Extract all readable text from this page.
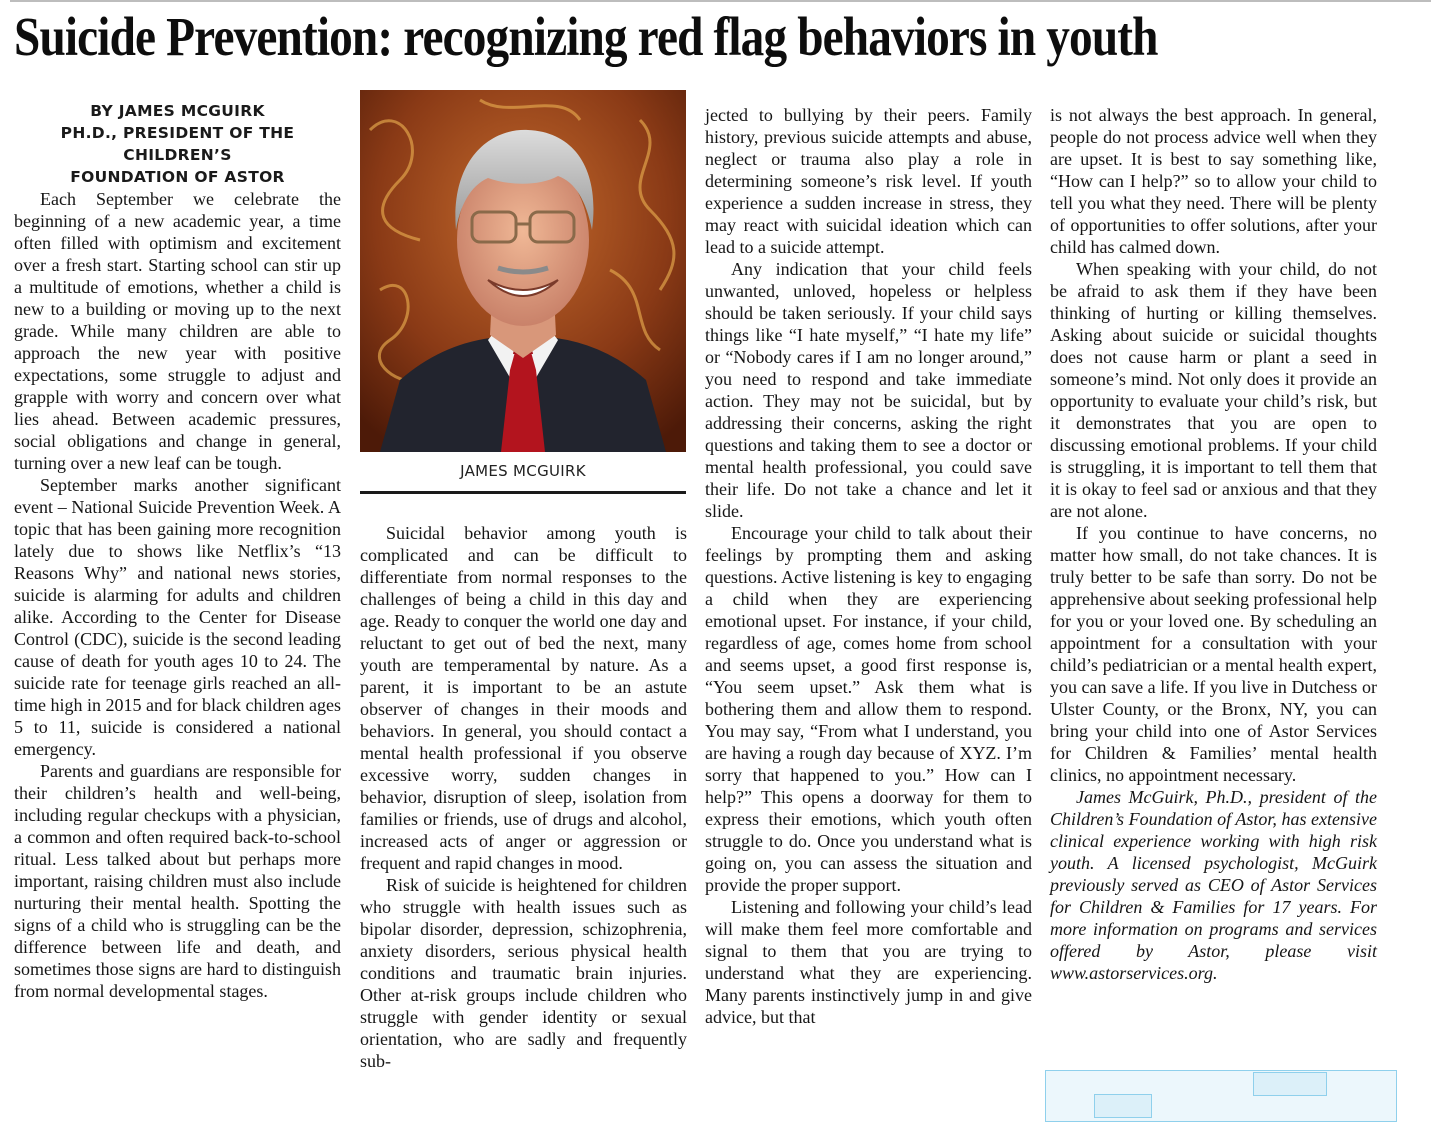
Suicide Prevention: recognizing red flag behaviors in youth

BY JAMES MCGUIRK

PH.D., PRESIDENT OF THE CHILDREN’S

FOUNDATION OF ASTOR

Each September we celebrate the beginning of a new academic year, a time often filled with optimism and excitement over a fresh start. Starting school can stir up a multitude of emotions, whether a child is new to a building or moving up to the next grade. While many children are able to approach the new year with positive expectations, some struggle to adjust and grapple with worry and concern over what lies ahead. Between academic pressures, social obligations and change in general, turning over a new leaf can be tough.

September marks another significant event – National Suicide Prevention Week. A topic that has been gaining more recognition lately due to shows like Netflix’s “13 Reasons Why” and national news stories, suicide is alarming for adults and children alike. According to the Center for Disease Control (CDC), suicide is the second leading cause of death for youth ages 10 to 24. The suicide rate for teenage girls reached an all-time high in 2015 and for black children ages 5 to 11, suicide is considered a national emergency.

Parents and guardians are responsible for their children’s health and well-being, including regular checkups with a physician, a common and often required back-to-school ritual. Less talked about but perhaps more important, raising children must also include nurturing their mental health. Spotting the signs of a child who is struggling can be the difference between life and death, and sometimes those signs are hard to distinguish from normal developmental stages.

JAMES MCGUIRK

Suicidal behavior among youth is complicated and can be difficult to differentiate from normal responses to the challenges of being a child in this day and age. Ready to conquer the world one day and reluctant to get out of bed the next, many youth are temperamental by nature. As a parent, it is important to be an astute observer of changes in their moods and behaviors. In general, you should contact a mental health professional if you observe excessive worry, sudden changes in behavior, disruption of sleep, isolation from families or friends, use of drugs and alcohol, increased acts of anger or aggression or frequent and rapid changes in mood.

Risk of suicide is heightened for children who struggle with health issues such as bipolar disorder, depression, schizophrenia, anxiety disorders, serious physical health conditions and traumatic brain injuries. Other at-risk groups include children who struggle with gender identity or sexual orientation, who are sadly and frequently sub-

jected to bullying by their peers. Family history, previous suicide attempts and abuse, neglect or trauma also play a role in determining someone’s risk level. If youth experience a sudden increase in stress, they may react with suicidal ideation which can lead to a suicide attempt.

Any indication that your child feels unwanted, unloved, hopeless or helpless should be taken seriously. If your child says things like “I hate myself,” “I hate my life” or “Nobody cares if I am no longer around,” you need to respond and take immediate action. They may not be suicidal, but by addressing their concerns, asking the right questions and taking them to see a doctor or mental health professional, you could save their life. Do not take a chance and let it slide.

Encourage your child to talk about their feelings by prompting them and asking questions. Active listening is key to engaging a child when they are experiencing emotional upset. For instance, if your child, regardless of age, comes home from school and seems upset, a good first response is, “You seem upset.” Ask them what is bothering them and allow them to respond. You may say, “From what I understand, you are having a rough day because of XYZ. I’m sorry that happened to you.” How can I help?” This opens a doorway for them to express their emotions, which youth often struggle to do. Once you understand what is going on, you can assess the situation and provide the proper support.

Listening and following your child’s lead will make them feel more comfortable and signal to them that you are trying to understand what they are experiencing. Many parents instinctively jump in and give advice, but that

is not always the best approach. In general, people do not process advice well when they are upset. It is best to say something like, “How can I help?” so to allow your child to tell you what they need. There will be plenty of opportunities to offer solutions, after your child has calmed down.

When speaking with your child, do not be afraid to ask them if they have been thinking of hurting or killing themselves. Asking about suicide or suicidal thoughts does not cause harm or plant a seed in someone’s mind. Not only does it provide an opportunity to evaluate your child’s risk, but it demonstrates that you are open to discussing emotional problems. If your child is struggling, it is important to tell them that it is okay to feel sad or anxious and that they are not alone.

If you continue to have concerns, no matter how small, do not take chances. It is truly better to be safe than sorry. Do not be apprehensive about seeking professional help for you or your loved one. By scheduling an appointment for a consultation with your child’s pediatrician or a mental health expert, you can save a life. If you live in Dutchess or Ulster County, or the Bronx, NY, you can bring your child into one of Astor Services for Children & Families’ mental health clinics, no appointment necessary.

James McGuirk, Ph.D., president of the Children’s Foundation of Astor, has extensive clinical experience working with high risk youth. A licensed psychologist, McGuirk previously served as CEO of Astor Services for Children & Families for 17 years. For more information on programs and services offered by Astor, please visit www.astorservices.org.
